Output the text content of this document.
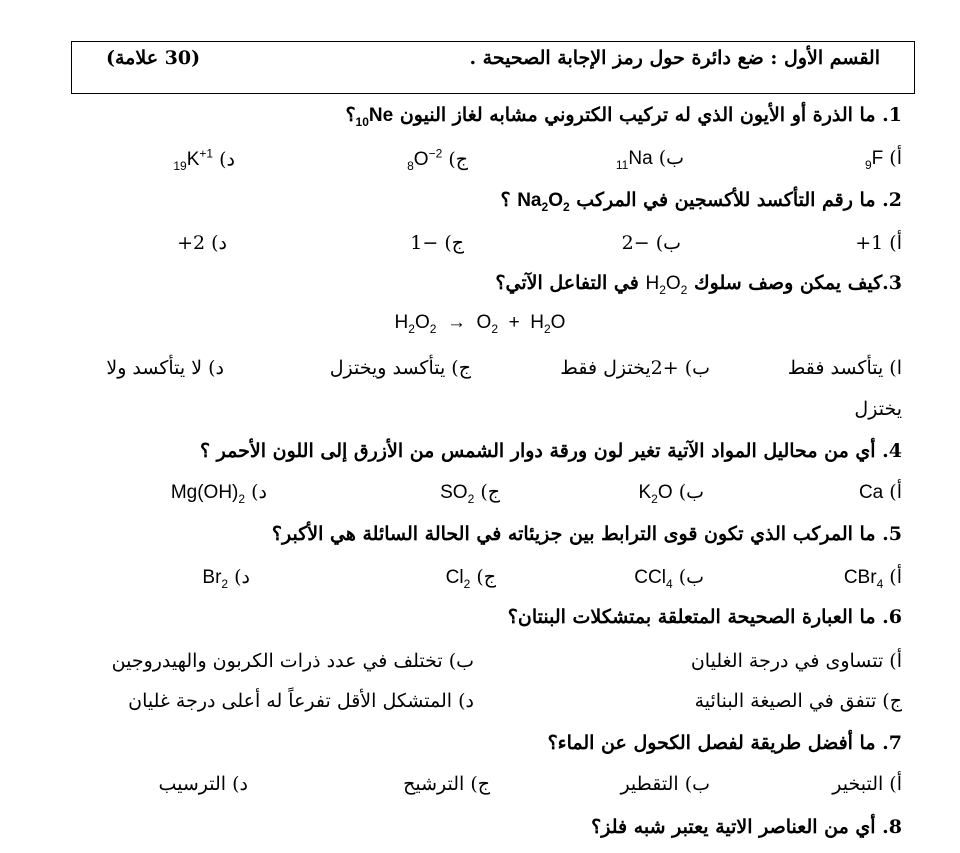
القسم الأول : ضع دائرة حول رمز الإجابة الصحيحة .
(30 علامة)
1. ما الذرة أو الأيون الذي له تركيب الكتروني مشابه لغاز النيون $_{10}$Ne؟
أ) $_9$F
ب) $_{11}$Na
ج) $_8O^{-2}$
د) $_{19}K^{+1}$
2. ما رقم التأكسد للأكسجين في المركب $Na_2O_2$ ؟
أ) 1+
ب) −2
ج) −1
د) 2+
3.كيف يمكن وصف سلوك $H_2O_2$ في التفاعل الآتي؟
$H_2O_2 \to O_2 + H_2O$
ا) يتأكسد فقط
ب) +2يختزل فقط
ج) يتأكسد ويختزل
د) لا يتأكسد ولا
يختزل
4. أي من محاليل المواد الآتية تغير لون ورقة دوار الشمس من الأزرق إلى اللون الأحمر ؟
أ) Ca
ب) $K_2O$
ج) $SO_2$
د) $Mg(OH)_2$
5. ما المركب الذي تكون قوى الترابط بين جزيئاته في الحالة السائلة هي الأكبر؟
أ) CBr$_4$
ب) CCl$_4$
ج) $Cl_2$
د) $Br_2$
6. ما العبارة الصحيحة المتعلقة بمتشكلات البنتان؟
أ) تتساوى في درجة الغليان
ب) تختلف في عدد ذرات الكربون والهيدروجين
ج) تتفق في الصيغة البنائية
د) المتشكل الأقل تفرعاً له أعلى درجة غليان
7. ما أفضل طريقة لفصل الكحول عن الماء؟
أ) التبخير
ب) التقطير
ج) الترشيح
د) الترسيب
8. أي من العناصر الاتية يعتبر شبه فلز؟
